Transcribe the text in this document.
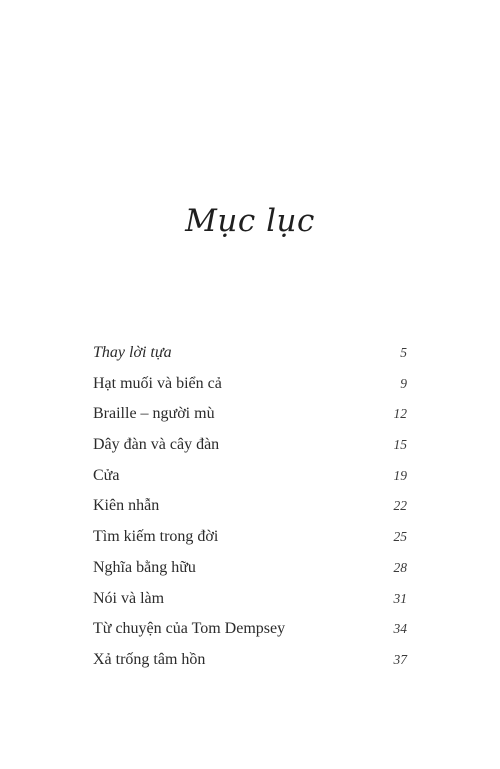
Mục lục
Thay lời tựa	5
Hạt muối và biển cả	9
Braille – người mù	12
Dây đàn và cây đàn	15
Cửa	19
Kiên nhẫn	22
Tìm kiếm trong đời	25
Nghĩa bằng hữu	28
Nói và làm	31
Từ chuyện của Tom Dempsey	34
Xả trống tâm hồn	37
